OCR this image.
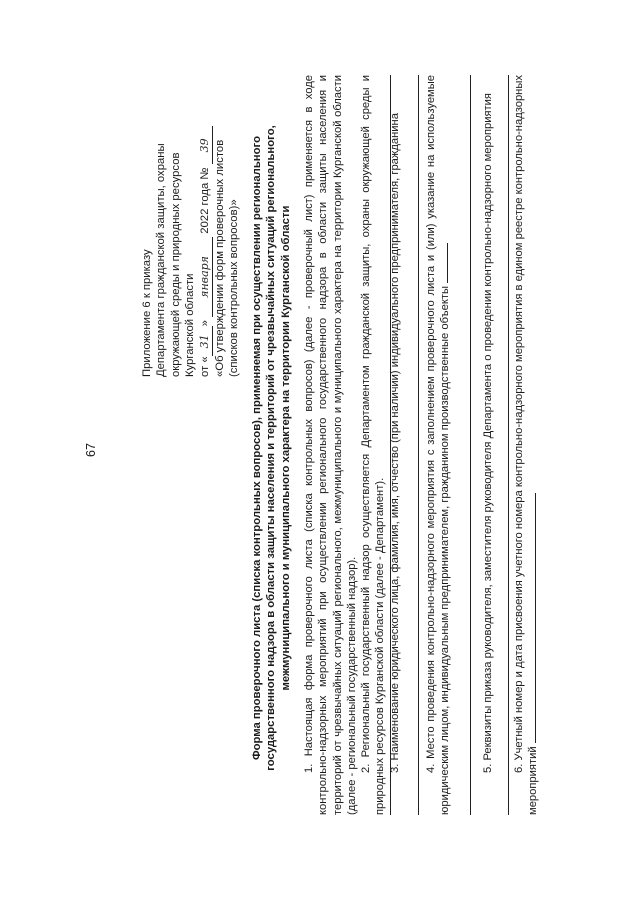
67
Приложение 6 к приказу Департамента гражданской защиты, охраны окружающей среды и природных ресурсов Курганской области от «31» января 2022 года № 39 «Об утверждении форм проверочных листов (списков контрольных вопросов)» Форма проверочного листа (списка контрольных вопросов), применяемая при осуществлении регионального государственного надзора в области защиты населения и территорий от чрезвычайных ситуаций регионального, межмуниципального и муниципального характера на территории Курганской области 1. Настоящая форма проверочного листа (списка контрольных вопросов) (далее - проверочный лист) применяется в ходе контрольно-надзорных мероприятий при осуществлении регионального государственного надзора в области защиты населения и территорий от чрезвычайных ситуаций регионального, межмуниципального и муниципального характера на территории Курганской области (далее - региональный государственный надзор). 2. Региональный государственный надзор осуществляется Департаментом гражданской защиты, охраны окружающей среды и природных ресурсов Курганской области (далее - Департамент). 3. Наименование юридического лица, фамилия, имя, отчество (при наличии) индивидуального предпринимателя, гражданина 4. Место проведения контрольно-надзорного мероприятия с заполнением проверочного листа и (или) указание на используемые юридическим лицом, индивидуальным предпринимателем, гражданином производственные объекты	5. Реквизиты приказа руководителя, заместителя руководителя Департамента о проведении контрольно-надзорного мероприятия 6. Учетный номер и дата присвоения учетного номера контрольно-надзорного мероприятия в едином реестре контрольно-надзорных мероприятий
